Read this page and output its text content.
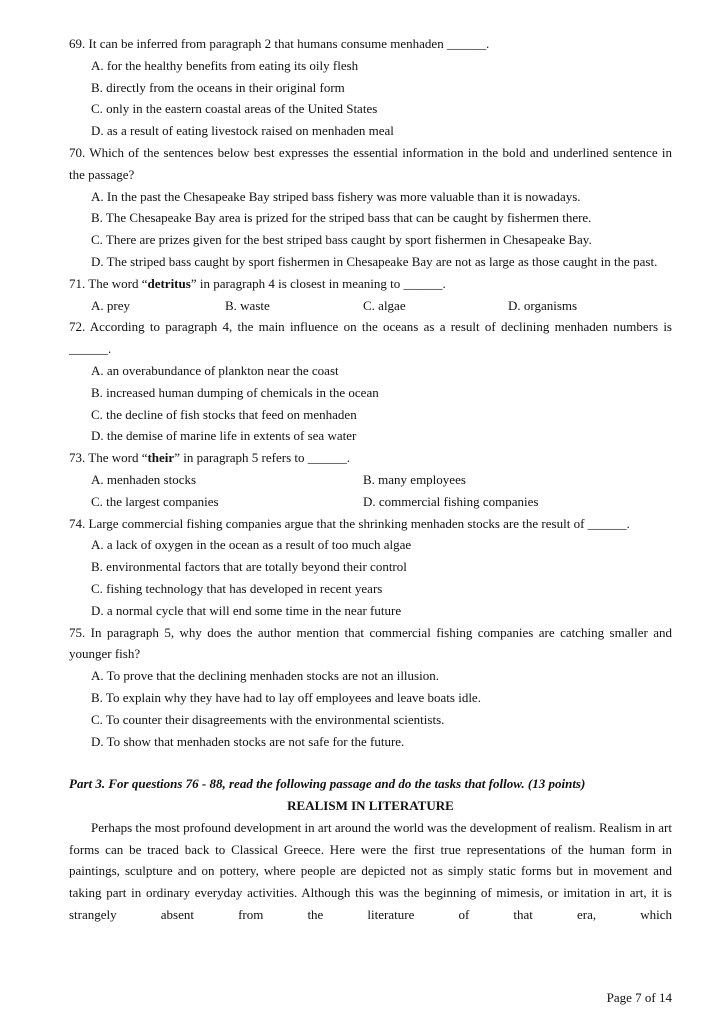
69. It can be inferred from paragraph 2 that humans consume menhaden ______.
A. for the healthy benefits from eating its oily flesh
B. directly from the oceans in their original form
C. only in the eastern coastal areas of the United States
D. as a result of eating livestock raised on menhaden meal
70. Which of the sentences below best expresses the essential information in the bold and underlined sentence in the passage?
A. In the past the Chesapeake Bay striped bass fishery was more valuable than it is nowadays.
B. The Chesapeake Bay area is prized for the striped bass that can be caught by fishermen there.
C. There are prizes given for the best striped bass caught by sport fishermen in Chesapeake Bay.
D. The striped bass caught by sport fishermen in Chesapeake Bay are not as large as those caught in the past.
71. The word “detritus” in paragraph 4 is closest in meaning to ______.
A. prey	B. waste	C. algae	D. organisms
72. According to paragraph 4, the main influence on the oceans as a result of declining menhaden numbers is ______.
A. an overabundance of plankton near the coast
B. increased human dumping of chemicals in the ocean
C. the decline of fish stocks that feed on menhaden
D. the demise of marine life in extents of sea water
73. The word “their” in paragraph 5 refers to ______.
A. menhaden stocks	B. many employees
C. the largest companies	D. commercial fishing companies
74. Large commercial fishing companies argue that the shrinking menhaden stocks are the result of ______.
A. a lack of oxygen in the ocean as a result of too much algae
B. environmental factors that are totally beyond their control
C. fishing technology that has developed in recent years
D. a normal cycle that will end some time in the near future
75. In paragraph 5, why does the author mention that commercial fishing companies are catching smaller and younger fish?
A. To prove that the declining menhaden stocks are not an illusion.
B. To explain why they have had to lay off employees and leave boats idle.
C. To counter their disagreements with the environmental scientists.
D. To show that menhaden stocks are not safe for the future.
Part 3. For questions 76 - 88, read the following passage and do the tasks that follow. (13 points)
REALISM IN LITERATURE
Perhaps the most profound development in art around the world was the development of realism. Realism in art forms can be traced back to Classical Greece. Here were the first true representations of the human form in paintings, sculpture and on pottery, where people are depicted not as simply static forms but in movement and taking part in ordinary everyday activities. Although this was the beginning of mimesis, or imitation in art, it is strangely absent from the literature of that era, which
Page 7 of 14
